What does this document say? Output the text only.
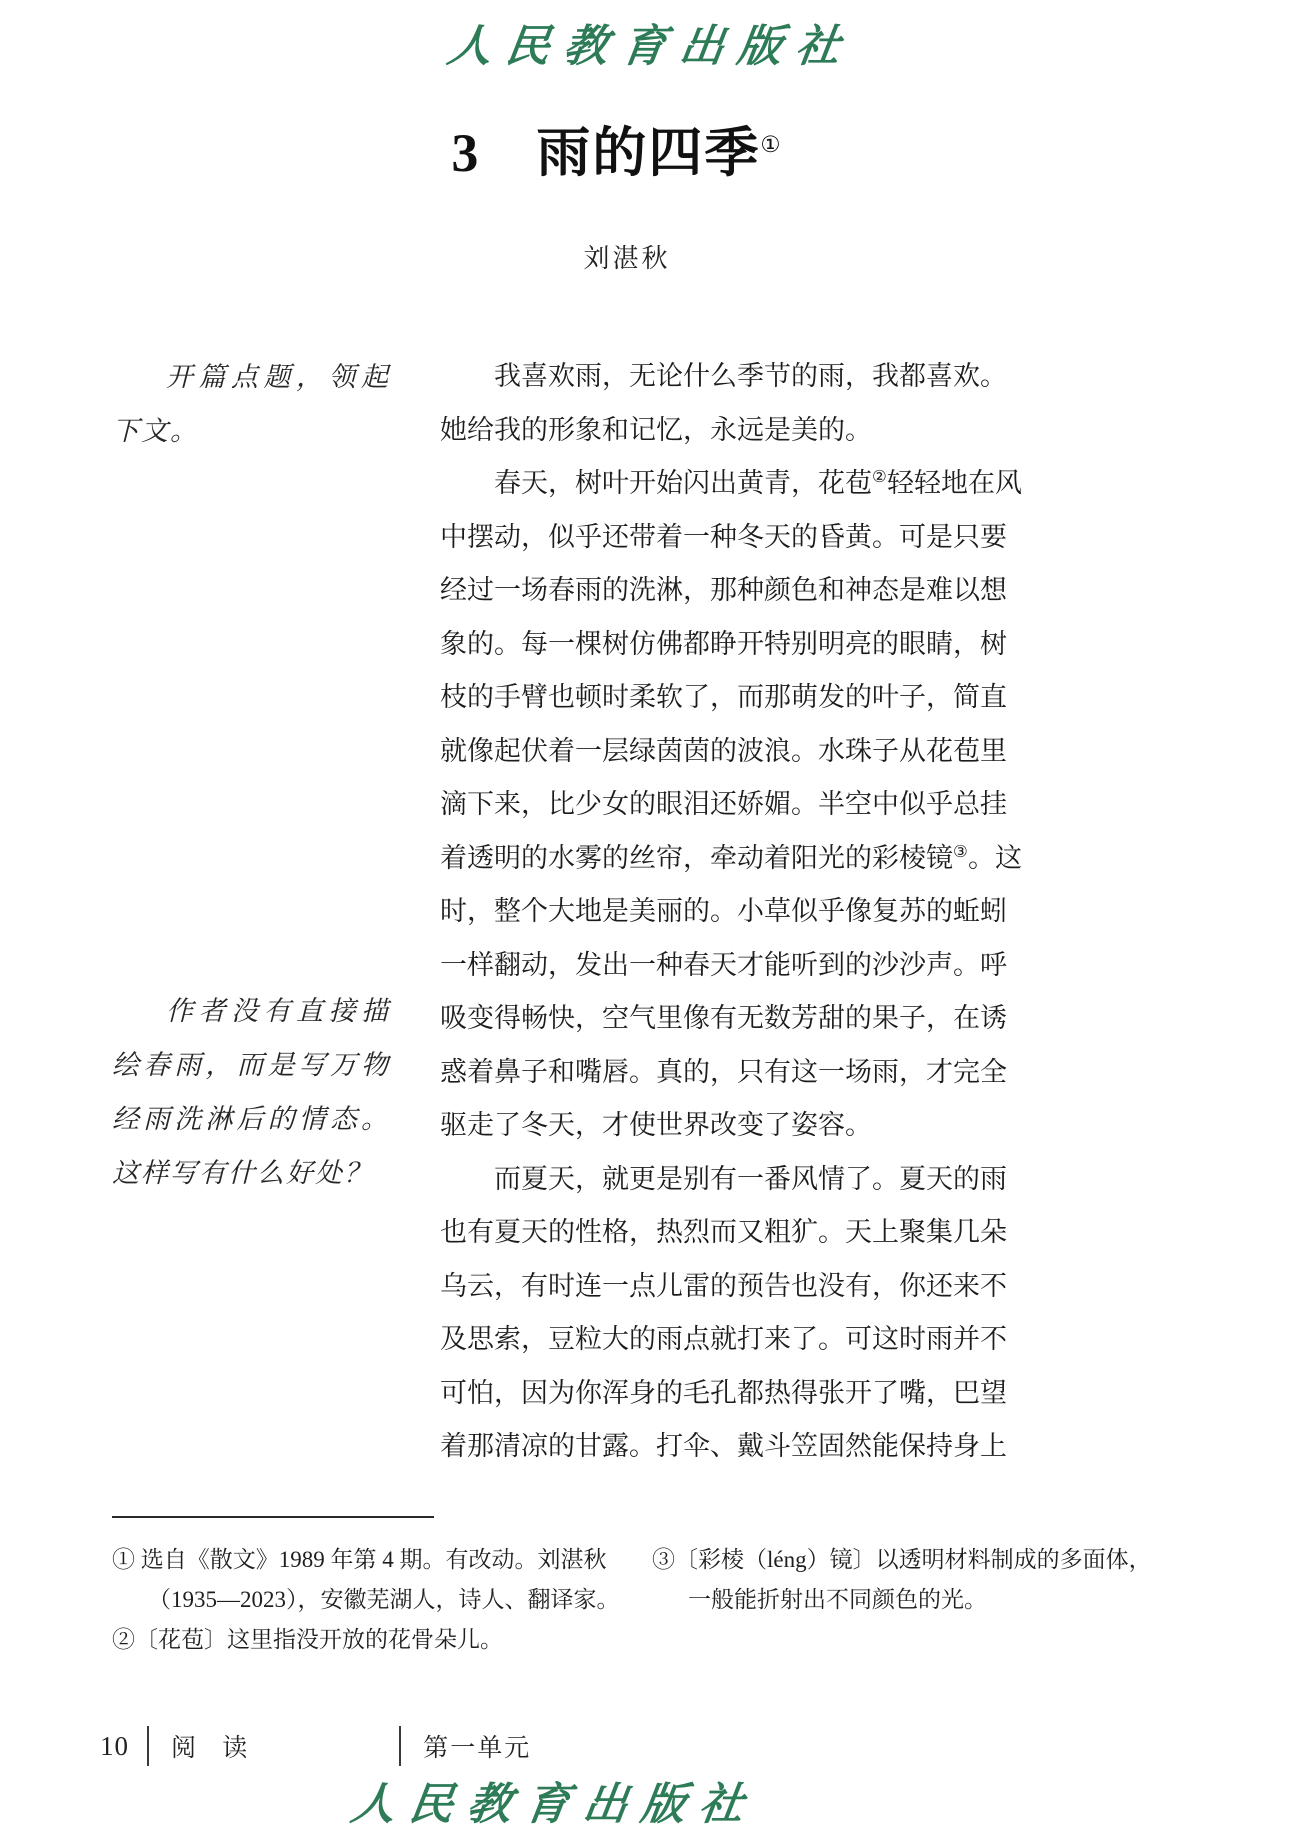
人民教育出版社
3　雨的四季①
刘湛秋
开篇点题，领起
下文。
作者没有直接描
绘春雨，而是写万物
经雨洗淋后的情态。
这样写有什么好处？
我喜欢雨，无论什么季节的雨，我都喜欢。
她给我的形象和记忆，永远是美的。
春天，树叶开始闪出黄青，花苞②轻轻地在风
中摆动，似乎还带着一种冬天的昏黄。可是只要
经过一场春雨的洗淋，那种颜色和神态是难以想
象的。每一棵树仿佛都睁开特别明亮的眼睛，树
枝的手臂也顿时柔软了，而那萌发的叶子，简直
就像起伏着一层绿茵茵的波浪。水珠子从花苞里
滴下来，比少女的眼泪还娇媚。半空中似乎总挂
着透明的水雾的丝帘，牵动着阳光的彩棱镜③。这
时，整个大地是美丽的。小草似乎像复苏的蚯蚓
一样翻动，发出一种春天才能听到的沙沙声。呼
吸变得畅快，空气里像有无数芳甜的果子，在诱
惑着鼻子和嘴唇。真的，只有这一场雨，才完全
驱走了冬天，才使世界改变了姿容。
而夏天，就更是别有一番风情了。夏天的雨
也有夏天的性格，热烈而又粗犷。天上聚集几朵
乌云，有时连一点儿雷的预告也没有，你还来不
及思索，豆粒大的雨点就打来了。可这时雨并不
可怕，因为你浑身的毛孔都热得张开了嘴，巴望
着那清凉的甘露。打伞、戴斗笠固然能保持身上
① 选自《散文》1989 年第 4 期。有改动。刘湛秋
（1935—2023），安徽芜湖人，诗人、翻译家。
②〔花苞〕这里指没开放的花骨朵儿。
③〔彩棱（léng）镜〕以透明材料制成的多面体，
一般能折射出不同颜色的光。
10 阅 读	第一单元
人民教育出版社
